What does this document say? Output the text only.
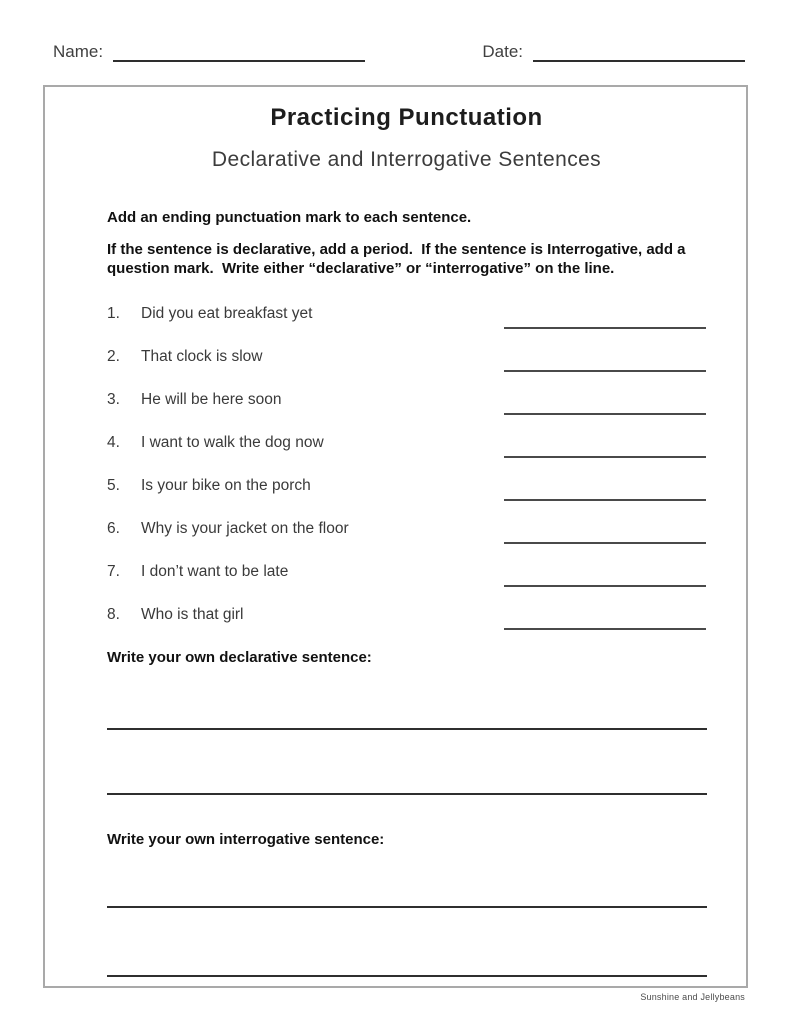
Name:	Date:
Practicing Punctuation
Declarative and Interrogative Sentences

Add an ending punctuation mark to each sentence.

If the sentence is declarative, add a period.  If the sentence is Interrogative, add a question mark.  Write either “declarative” or “interrogative” on the line.

1.	Did you eat breakfast yet
2.	That clock is slow
3.	He will be here soon
4.	I want to walk the dog now
5.	Is your bike on the porch
6.	Why is your jacket on the floor
7.	I don’t want to be late
8.	Who is that girl

Write your own declarative sentence:

Write your own interrogative sentence:

Sunshine and Jellybeans
